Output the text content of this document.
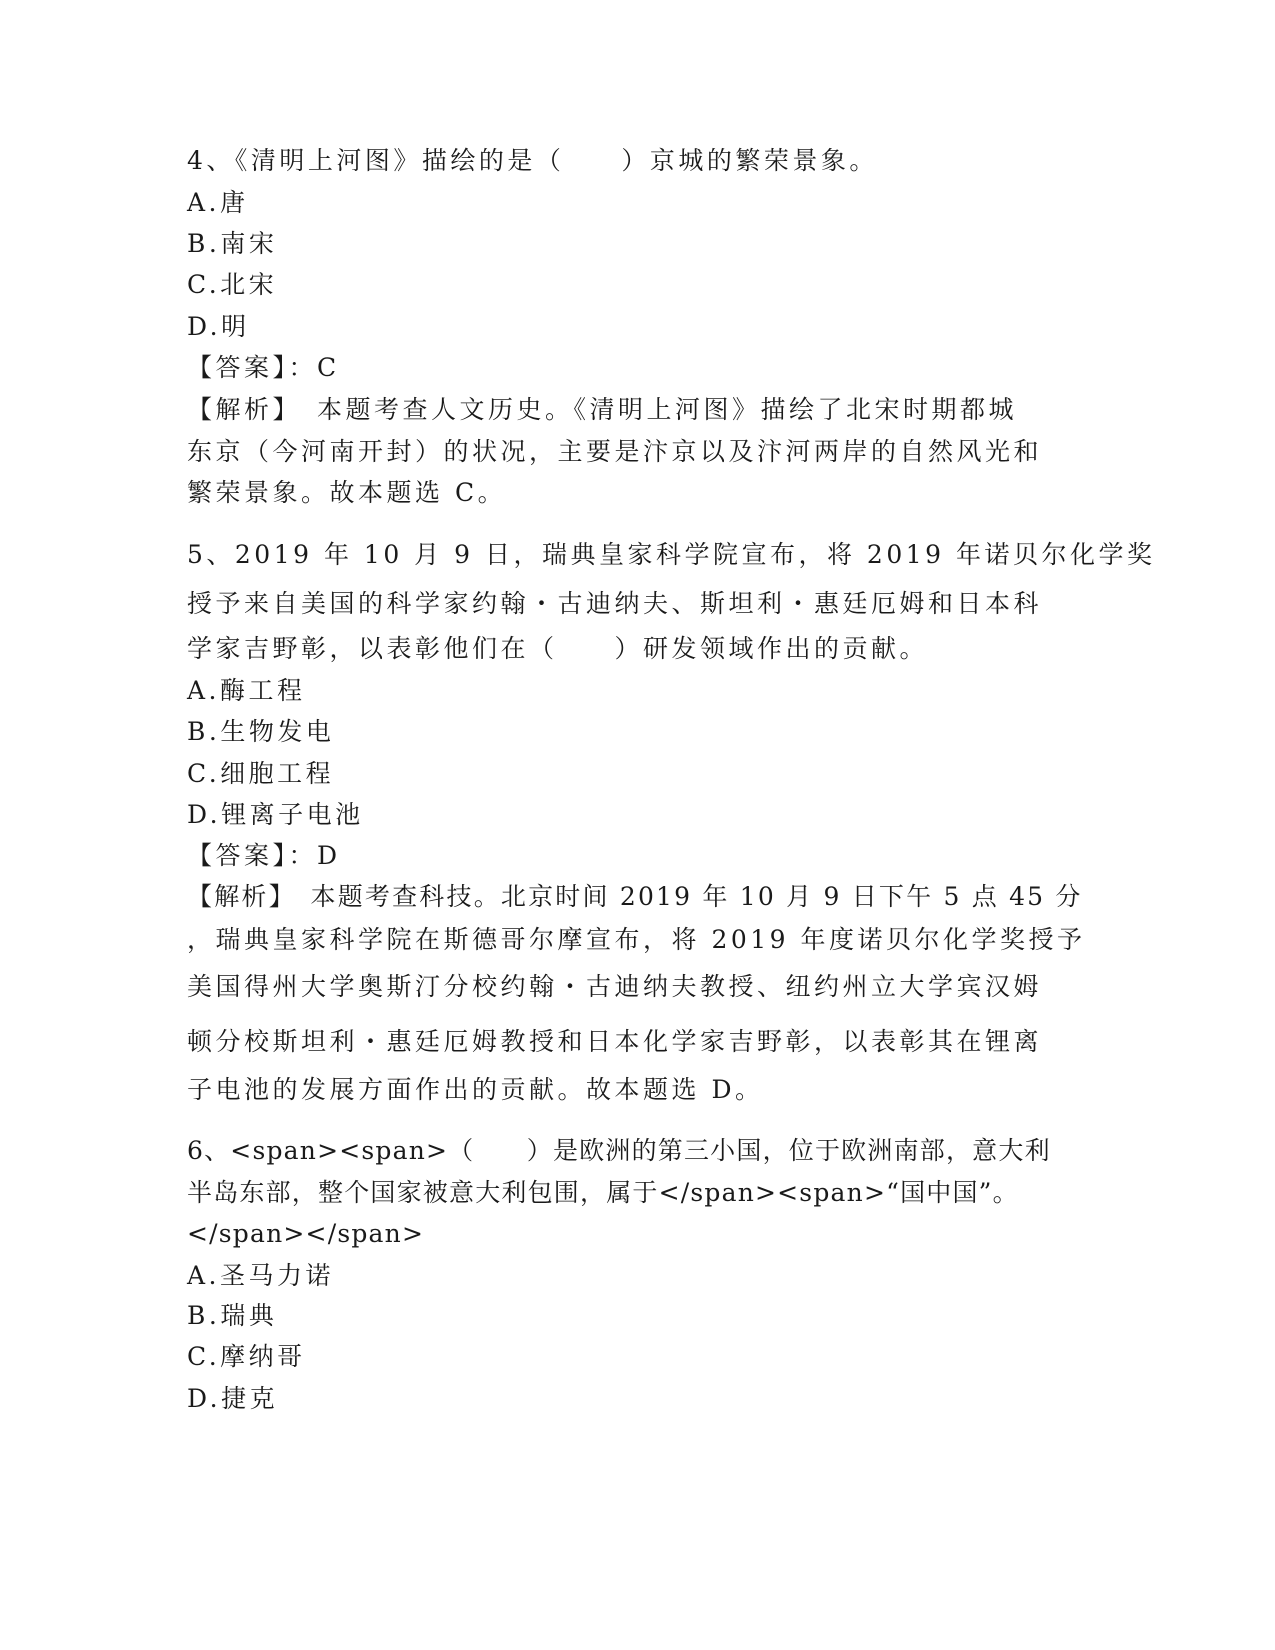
4、《清明上河图》描绘的是（　　）京城的繁荣景象。
A.唐
B.南宋
C.北宋
D.明
【答案】：C
【解析】　本题考查人文历史。《清明上河图》描绘了北宋时期都城
东京（今河南开封）的状况，主要是汴京以及汴河两岸的自然风光和
繁荣景象。故本题选 C。
5、2019 年 10 月 9 日，瑞典皇家科学院宣布，将 2019 年诺贝尔化学奖
授予来自美国的科学家约翰・古迪纳夫、斯坦利・惠廷厄姆和日本科
学家吉野彰，以表彰他们在（　　）研发领域作出的贡献。
A.酶工程
B.生物发电
C.细胞工程
D.锂离子电池
【答案】：D
【解析】　本题考查科技。北京时间 2019 年 10 月 9 日下午 5 点 45 分
，瑞典皇家科学院在斯德哥尔摩宣布，将 2019 年度诺贝尔化学奖授予
美国得州大学奥斯汀分校约翰・古迪纳夫教授、纽约州立大学宾汉姆
顿分校斯坦利・惠廷厄姆教授和日本化学家吉野彰，以表彰其在锂离
子电池的发展方面作出的贡献。故本题选 D。
6、<span><span>（　　）是欧洲的第三小国，位于欧洲南部，意大利
半岛东部，整个国家被意大利包围，属于</span><span>“国中国”。
</span></span>
A.圣马力诺
B.瑞典
C.摩纳哥
D.捷克
